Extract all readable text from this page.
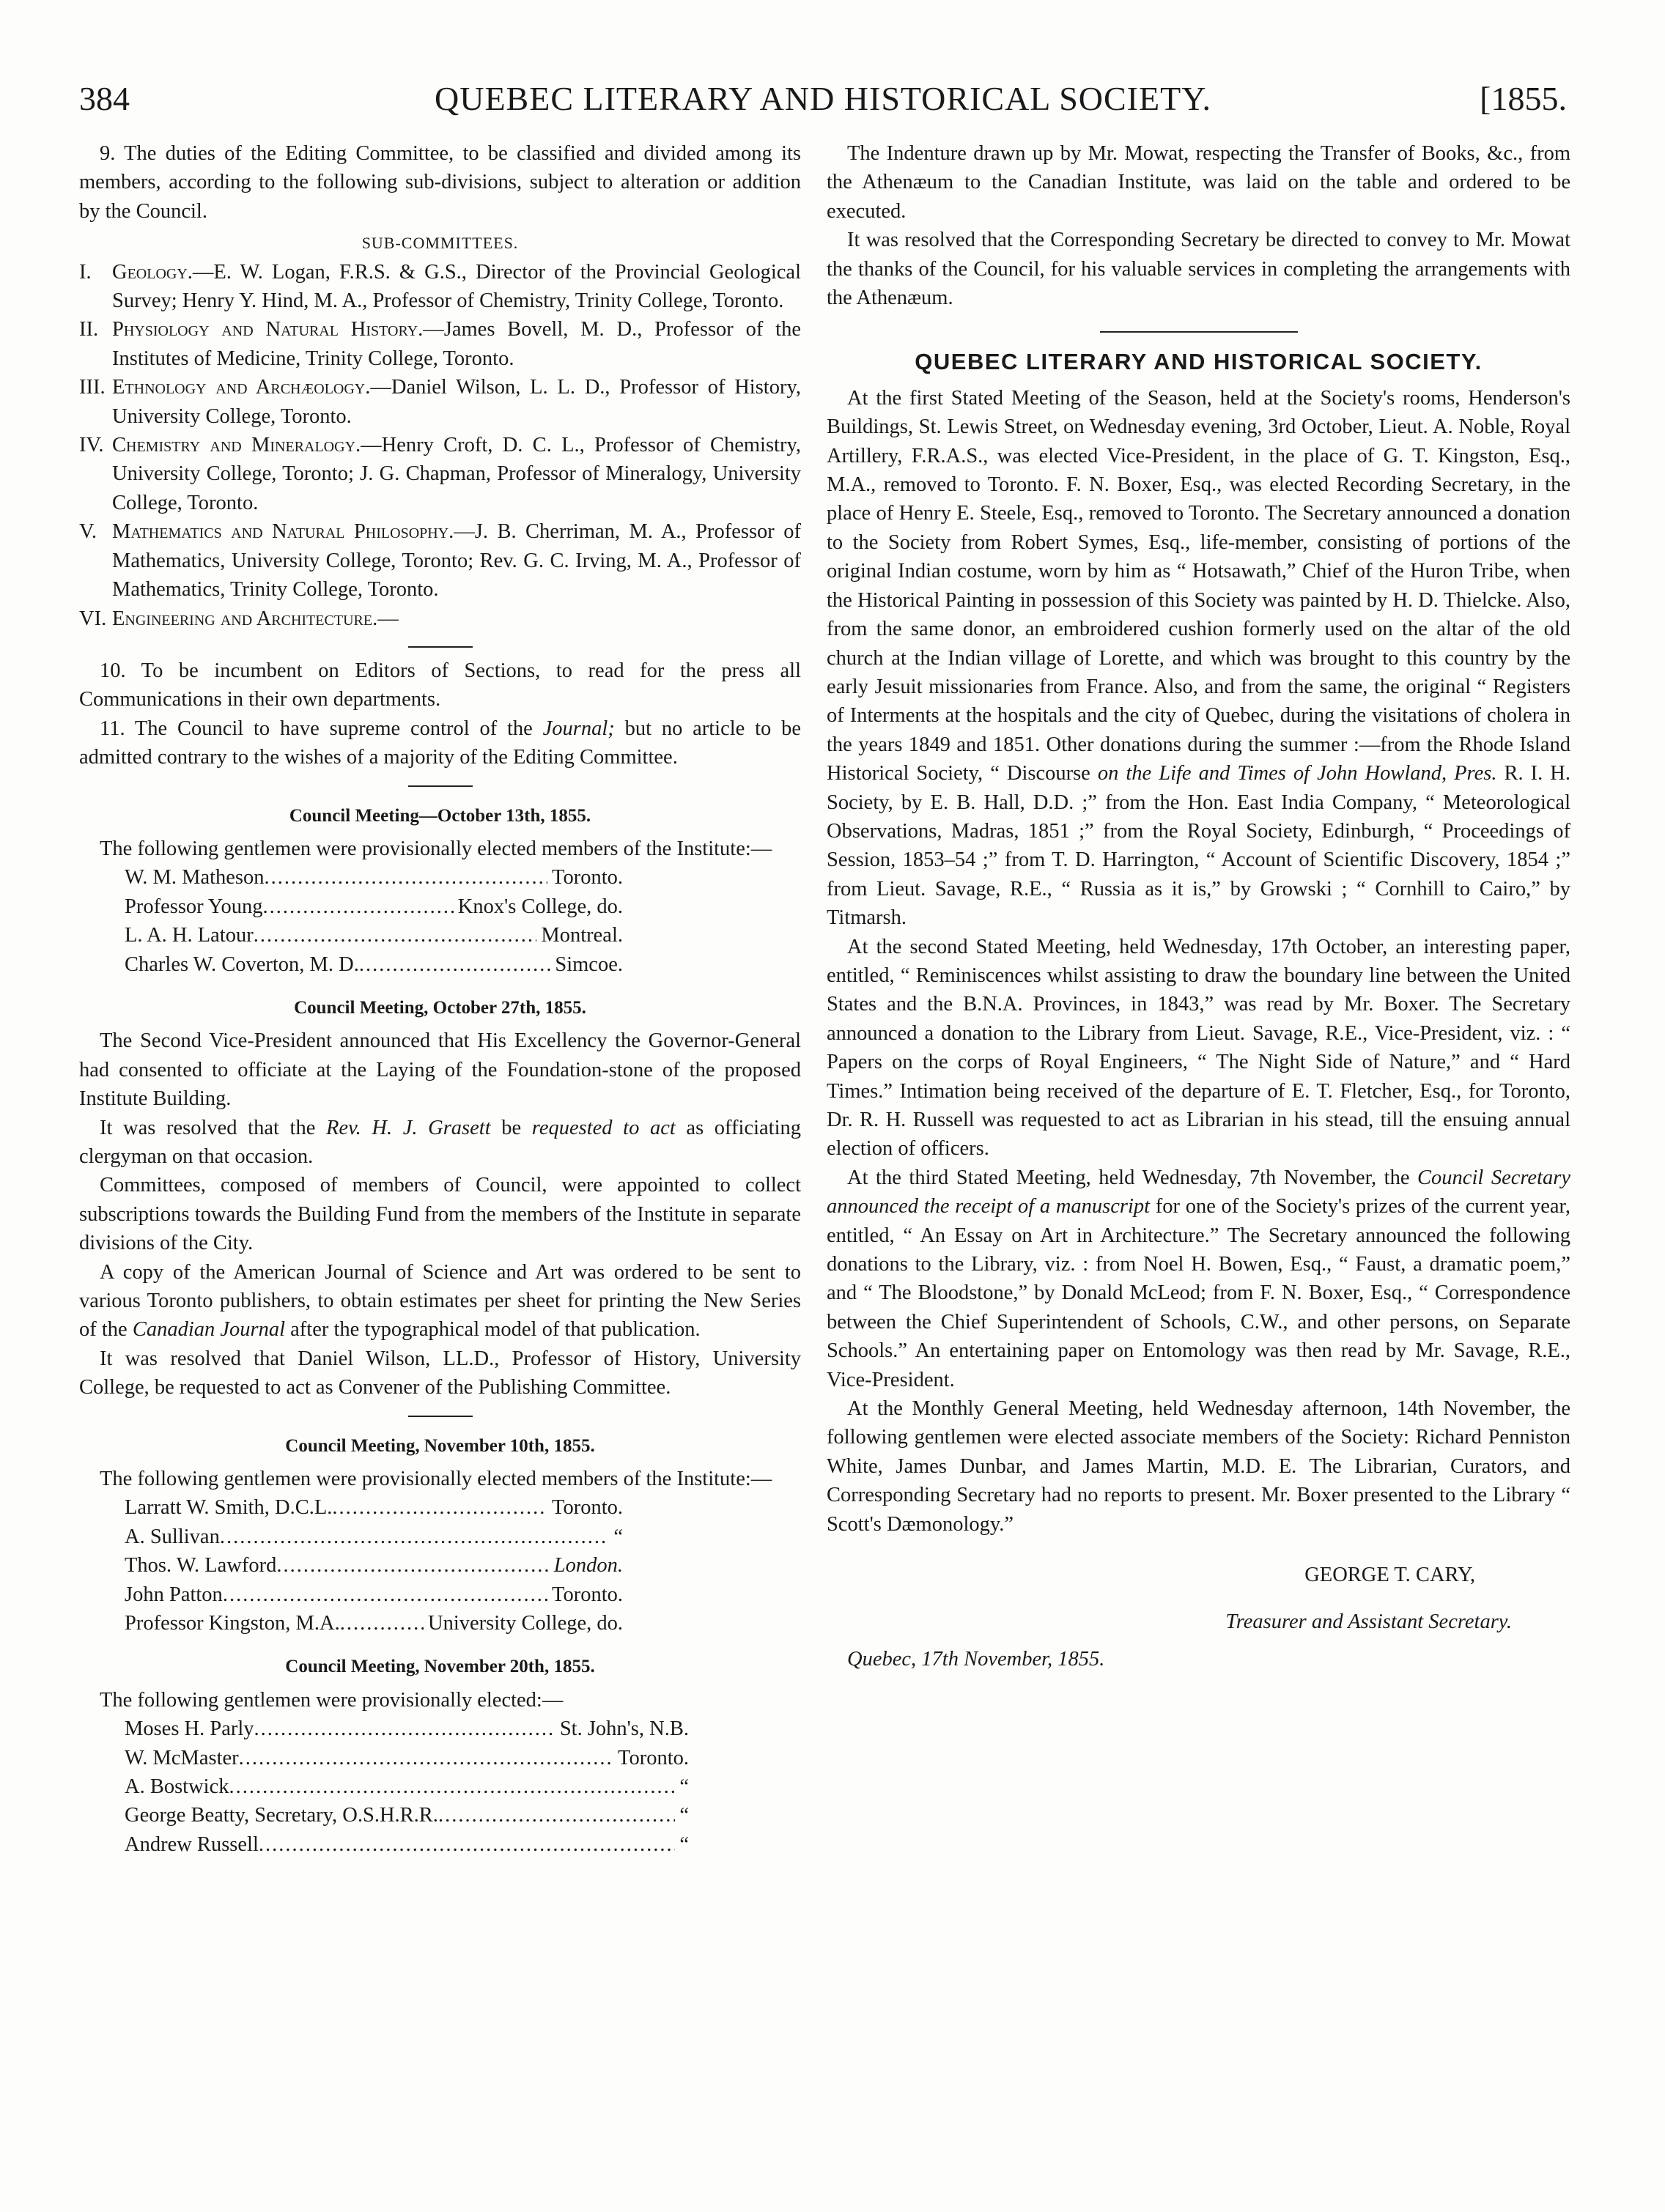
384	QUEBEC LITERARY AND HISTORICAL SOCIETY.	[1855.

9. The duties of the Editing Committee, to be classified and divided among its members, according to the following sub-divisions, subject to alteration or addition by the Council.

SUB-COMMITTEES.

I. Geology.—E. W. Logan, F.R.S. & G.S., Director of the Provincial Geological Survey; Henry Y. Hind, M. A., Professor of Chemistry, Trinity College, Toronto.
II. Physiology and Natural History.—James Bovell, M. D., Professor of the Institutes of Medicine, Trinity College, Toronto.
III. Ethnology and Archæology.—Daniel Wilson, L. L. D., Professor of History, University College, Toronto.
IV. Chemistry and Mineralogy.—Henry Croft, D. C. L., Professor of Chemistry, University College, Toronto; J. G. Chapman, Professor of Mineralogy, University College, Toronto.
V. Mathematics and Natural Philosophy.—J. B. Cherriman, M. A., Professor of Mathematics, University College, Toronto; Rev. G. C. Irving, M. A., Professor of Mathematics, Trinity College, Toronto.
VI. Engineering and Architecture.—

10. To be incumbent on Editors of Sections, to read for the press all Communications in their own departments.

11. The Council to have supreme control of the Journal; but no article to be admitted contrary to the wishes of a majority of the Editing Committee.

Council Meeting—October 13th, 1855.

The following gentlemen were provisionally elected members of the Institute:—

W. M. Matheson .....	Toronto.
Professor Young .....	Knox's College, do.
L. A. H. Latour .....	Montreal.
Charles W. Coverton, M. D. .....	Simcoe.

Council Meeting, October 27th, 1855.

The Second Vice-President announced that His Excellency the Governor-General had consented to officiate at the Laying of the Foundation-stone of the proposed Institute Building.

It was resolved that the Rev. H. J. Grasett be requested to act as officiating clergyman on that occasion.

Committees, composed of members of Council, were appointed to collect subscriptions towards the Building Fund from the members of the Institute in separate divisions of the City.

A copy of the American Journal of Science and Art was ordered to be sent to various Toronto publishers, to obtain estimates per sheet for printing the New Series of the Canadian Journal after the typographical model of that publication.

It was resolved that Daniel Wilson, LL.D., Professor of History, University College, be requested to act as Convener of the Publishing Committee.

Council Meeting, November 10th, 1855.

The following gentlemen were provisionally elected members of the Institute:—

Larratt W. Smith, D.C.L. .....	Toronto.
A. Sullivan .....	“
Thos. W. Lawford .....	London.
John Patton .....	Toronto.
Professor Kingston, M.A. .....	University College, do.

Council Meeting, November 20th, 1855.

The following gentlemen were provisionally elected:—

Moses H. Parly .....	St. John's, N.B.
W. McMaster .....	Toronto.
A. Bostwick .....	“
George Beatty, Secretary, O.S.H.R.R. .....	“
Andrew Russell .....	“

The Indenture drawn up by Mr. Mowat, respecting the Transfer of Books, &c., from the Athenæum to the Canadian Institute, was laid on the table and ordered to be executed.

It was resolved that the Corresponding Secretary be directed to convey to Mr. Mowat the thanks of the Council, for his valuable services in completing the arrangements with the Athenæum.

QUEBEC LITERARY AND HISTORICAL SOCIETY.

At the first Stated Meeting of the Season, held at the Society's rooms, Henderson's Buildings, St. Lewis Street, on Wednesday evening, 3rd October, Lieut. A. Noble, Royal Artillery, F.R.A.S., was elected Vice-President, in the place of G. T. Kingston, Esq., M.A., removed to Toronto. F. N. Boxer, Esq., was elected Recording Secretary, in the place of Henry E. Steele, Esq., removed to Toronto. The Secretary announced a donation to the Society from Robert Symes, Esq., life-member, consisting of portions of the original Indian costume, worn by him as “ Hotsawath,” Chief of the Huron Tribe, when the Historical Painting in possession of this Society was painted by H. D. Thielcke. Also, from the same donor, an embroidered cushion formerly used on the altar of the old church at the Indian village of Lorette, and which was brought to this country by the early Jesuit missionaries from France. Also, and from the same, the original “ Registers of Interments at the hospitals and the city of Quebec, during the visitations of cholera in the years 1849 and 1851. Other donations during the summer :—from the Rhode Island Historical Society, “ Discourse on the Life and Times of John Howland, Pres. R. I. H. Society, by E. B. Hall, D.D. ;” from the Hon. East India Company, “ Meteorological Observations, Madras, 1851 ;” from the Royal Society, Edinburgh, “ Proceedings of Session, 1853–54 ;” from T. D. Harrington, “ Account of Scientific Discovery, 1854 ;” from Lieut. Savage, R.E., “ Russia as it is,” by Growski ; “ Cornhill to Cairo,” by Titmarsh.

At the second Stated Meeting, held Wednesday, 17th October, an interesting paper, entitled, “ Reminiscences whilst assisting to draw the boundary line between the United States and the B.N.A. Provinces, in 1843,” was read by Mr. Boxer. The Secretary announced a donation to the Library from Lieut. Savage, R.E., Vice-President, viz. : “ Papers on the corps of Royal Engineers, “ The Night Side of Nature,” and “ Hard Times.” Intimation being received of the departure of E. T. Fletcher, Esq., for Toronto, Dr. R. H. Russell was requested to act as Librarian in his stead, till the ensuing annual election of officers.

At the third Stated Meeting, held Wednesday, 7th November, the Council Secretary announced the receipt of a manuscript for one of the Society's prizes of the current year, entitled, “ An Essay on Art in Architecture.” The Secretary announced the following donations to the Library, viz. : from Noel H. Bowen, Esq., “ Faust, a dramatic poem,” and “ The Bloodstone,” by Donald McLeod; from F. N. Boxer, Esq., “ Correspondence between the Chief Superintendent of Schools, C.W., and other persons, on Separate Schools.” An entertaining paper on Entomology was then read by Mr. Savage, R.E., Vice-President.

At the Monthly General Meeting, held Wednesday afternoon, 14th November, the following gentlemen were elected associate members of the Society: Richard Penniston White, James Dunbar, and James Martin, M.D. E. The Librarian, Curators, and Corresponding Secretary had no reports to present. Mr. Boxer presented to the Library “ Scott's Dæmonology.”

GEORGE T. CARY,

Treasurer and Assistant Secretary.

Quebec, 17th November, 1855.
